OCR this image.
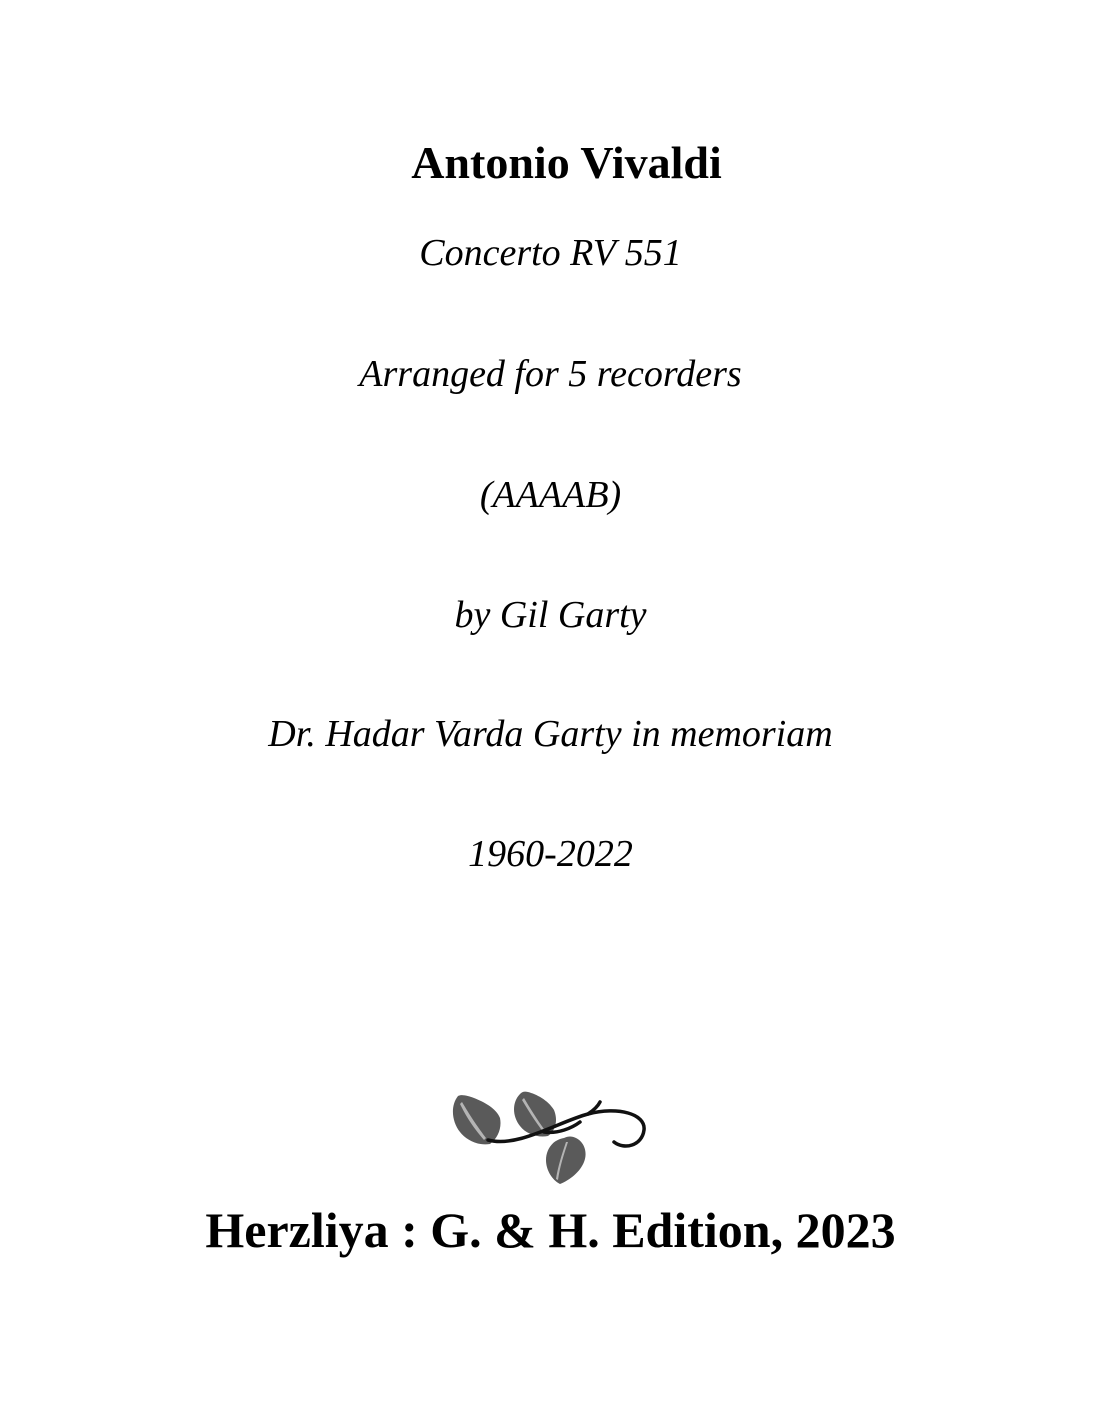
Antonio Vivaldi
Concerto RV 551
Arranged for 5 recorders
(AAAAB)
by Gil Garty
Dr. Hadar Varda Garty in memoriam
1960-2022
Herzliya : G. & H. Edition, 2023
